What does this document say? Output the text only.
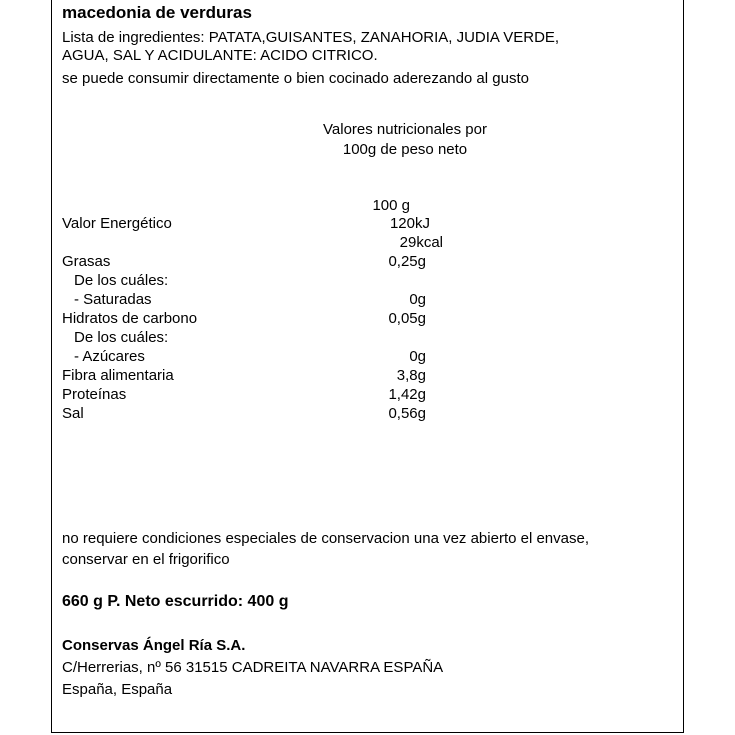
macedonia de verduras
Lista de ingredientes: PATATA,GUISANTES, ZANAHORIA, JUDIA VERDE,
AGUA, SAL Y ACIDULANTE: ACIDO CITRICO.
se puede consumir directamente o bien cocinado aderezando al gusto
Valores nutricionales por
100g de peso neto
100 g
Valor Energético	120kJ
29kcal
Grasas	0,25g
De los cuáles:
- Saturadas	0g
Hidratos de carbono	0,05g
De los cuáles:
- Azúcares	0g
Fibra alimentaria	3,8g
Proteínas	1,42g
Sal	0,56g
no requiere condiciones especiales de conservacion una vez abierto el envase,
conservar en el frigorifico
660 g P. Neto escurrido: 400 g
Conservas Ángel Ría S.A.
C/Herrerias, nº 56 31515 CADREITA NAVARRA ESPAÑA
España, España
